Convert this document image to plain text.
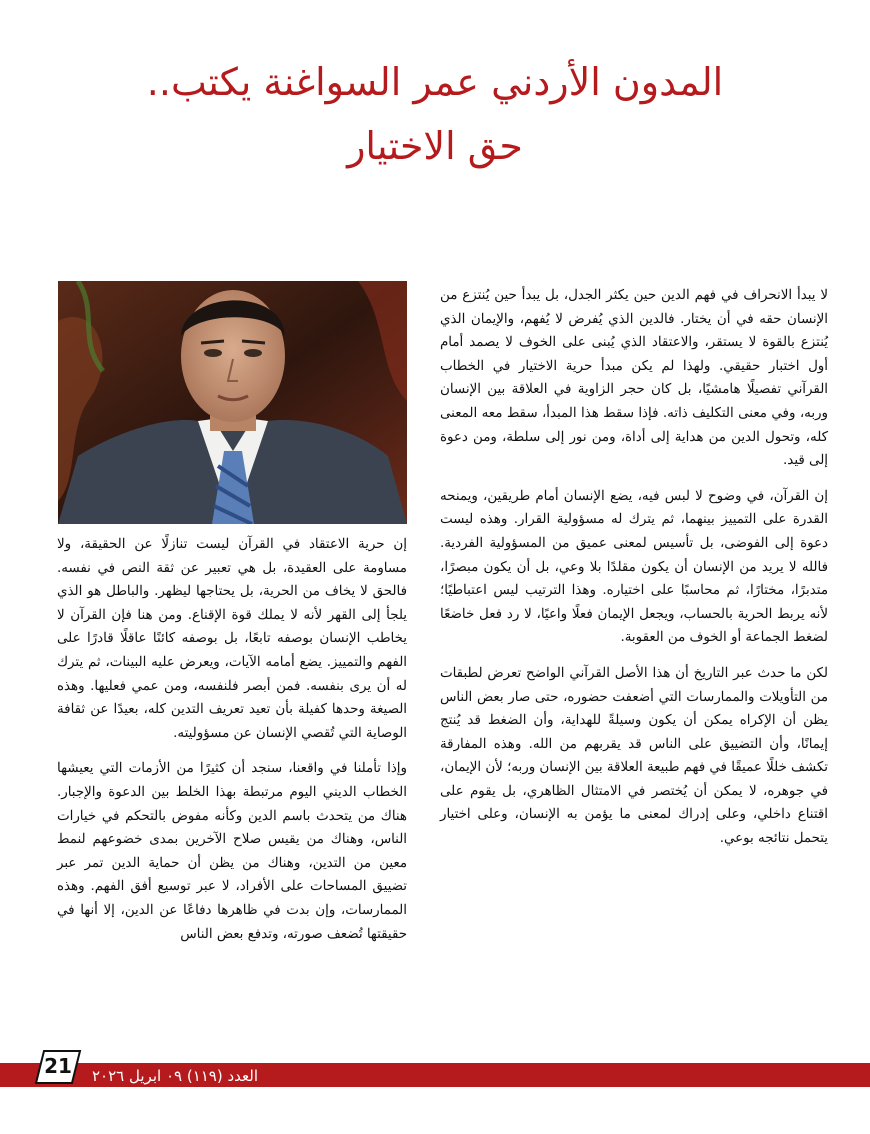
المدون الأردني عمر السواغنة يكتب..
حق الاختيار

لا يبدأ الانحراف في فهم الدين حين يكثر الجدل، بل يبدأ حين يُنتزع من الإنسان حقه في أن يختار. فالدين الذي يُفرض لا يُفهم، والإيمان الذي يُنتزع بالقوة لا يستقر، والاعتقاد الذي يُبنى على الخوف لا يصمد أمام أول اختبار حقيقي. ولهذا لم يكن مبدأ حرية الاختيار في الخطاب القرآني تفصيلًا هامشيًا، بل كان حجر الزاوية في العلاقة بين الإنسان وربه، وفي معنى التكليف ذاته. فإذا سقط هذا المبدأ، سقط معه المعنى كله، وتحول الدين من هداية إلى أداة، ومن نور إلى سلطة، ومن دعوة إلى قيد.

إن القرآن، في وضوح لا لبس فيه، يضع الإنسان أمام طريقين، ويمنحه القدرة على التمييز بينهما، ثم يترك له مسؤولية القرار. وهذه ليست دعوة إلى الفوضى، بل تأسيس لمعنى عميق من المسؤولية الفردية. فالله لا يريد من الإنسان أن يكون مقلدًا بلا وعي، بل أن يكون مبصرًا، متدبرًا، مختارًا، ثم محاسبًا على اختياره. وهذا الترتيب ليس اعتباطيًا؛ لأنه يربط الحرية بالحساب، ويجعل الإيمان فعلًا واعيًا، لا رد فعل خاضعًا لضغط الجماعة أو الخوف من العقوبة.

لكن ما حدث عبر التاريخ أن هذا الأصل القرآني الواضح تعرض لطبقات من التأويلات والممارسات التي أضعفت حضوره، حتى صار بعض الناس يظن أن الإكراه يمكن أن يكون وسيلةً للهداية، وأن الضغط قد يُنتج إيمانًا، وأن التضييق على الناس قد يقربهم من الله. وهذه المفارقة تكشف خللًا عميقًا في فهم طبيعة العلاقة بين الإنسان وربه؛ لأن الإيمان، في جوهره، لا يمكن أن يُختصر في الامتثال الظاهري، بل يقوم على اقتناع داخلي، وعلى إدراك لمعنى ما يؤمن به الإنسان، وعلى اختيار يتحمل نتائجه بوعي.

إن حرية الاعتقاد في القرآن ليست تنازلًا عن الحقيقة، ولا مساومة على العقيدة، بل هي تعبير عن ثقة النص في نفسه. فالحق لا يخاف من الحرية، بل يحتاجها ليظهر. والباطل هو الذي يلجأ إلى القهر لأنه لا يملك قوة الإقناع. ومن هنا فإن القرآن لا يخاطب الإنسان بوصفه تابعًا، بل بوصفه كائنًا عاقلًا قادرًا على الفهم والتمييز. يضع أمامه الآيات، ويعرض عليه البينات، ثم يترك له أن يرى بنفسه. فمن أبصر فلنفسه، ومن عمي فعليها. وهذه الصيغة وحدها كفيلة بأن تعيد تعريف التدين كله، بعيدًا عن ثقافة الوصاية التي تُقصي الإنسان عن مسؤوليته.

وإذا تأملنا في واقعنا، سنجد أن كثيرًا من الأزمات التي يعيشها الخطاب الديني اليوم مرتبطة بهذا الخلط بين الدعوة والإجبار. هناك من يتحدث باسم الدين وكأنه مفوض بالتحكم في خيارات الناس، وهناك من يقيس صلاح الآخرين بمدى خضوعهم لنمط معين من التدين، وهناك من يظن أن حماية الدين تمر عبر تضييق المساحات على الأفراد، لا عبر توسيع أفق الفهم. وهذه الممارسات، وإن بدت في ظاهرها دفاعًا عن الدين، إلا أنها في حقيقتها تُضعف صورته، وتدفع بعض الناس

العدد (١١٩) ٠٩ ابريل ٢٠٢٦
21
